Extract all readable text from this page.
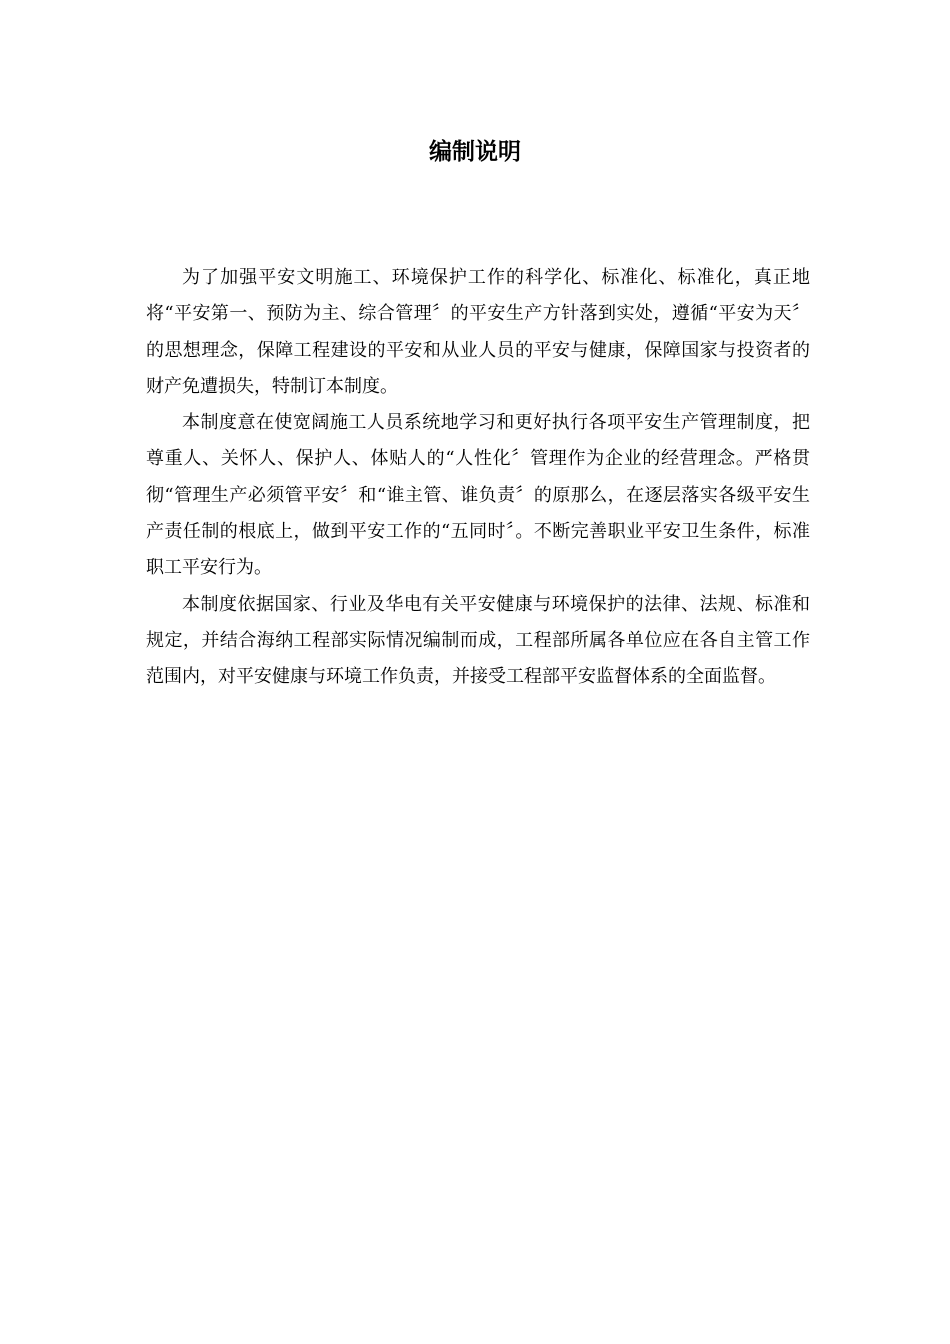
编制说明

为了加强平安文明施工、环境保护工作的科学化、标准化、标准化，真正地将“平安第一、预防为主、综合管理〞的平安生产方针落到实处，遵循“平安为天〞的思想理念，保障工程建设的平安和从业人员的平安与健康，保障国家与投资者的财产免遭损失，特制订本制度。

本制度意在使宽阔施工人员系统地学习和更好执行各项平安生产管理制度，把尊重人、关怀人、保护人、体贴人的“人性化〞管理作为企业的经营理念。严格贯彻“管理生产必须管平安〞和“谁主管、谁负责〞的原那么，在逐层落实各级平安生产责任制的根底上，做到平安工作的“五同时〞。不断完善职业平安卫生条件，标准职工平安行为。

本制度依据国家、行业及华电有关平安健康与环境保护的法律、法规、标准和规定，并结合海纳工程部实际情况编制而成，工程部所属各单位应在各自主管工作范围内，对平安健康与环境工作负责，并接受工程部平安监督体系的全面监督。
